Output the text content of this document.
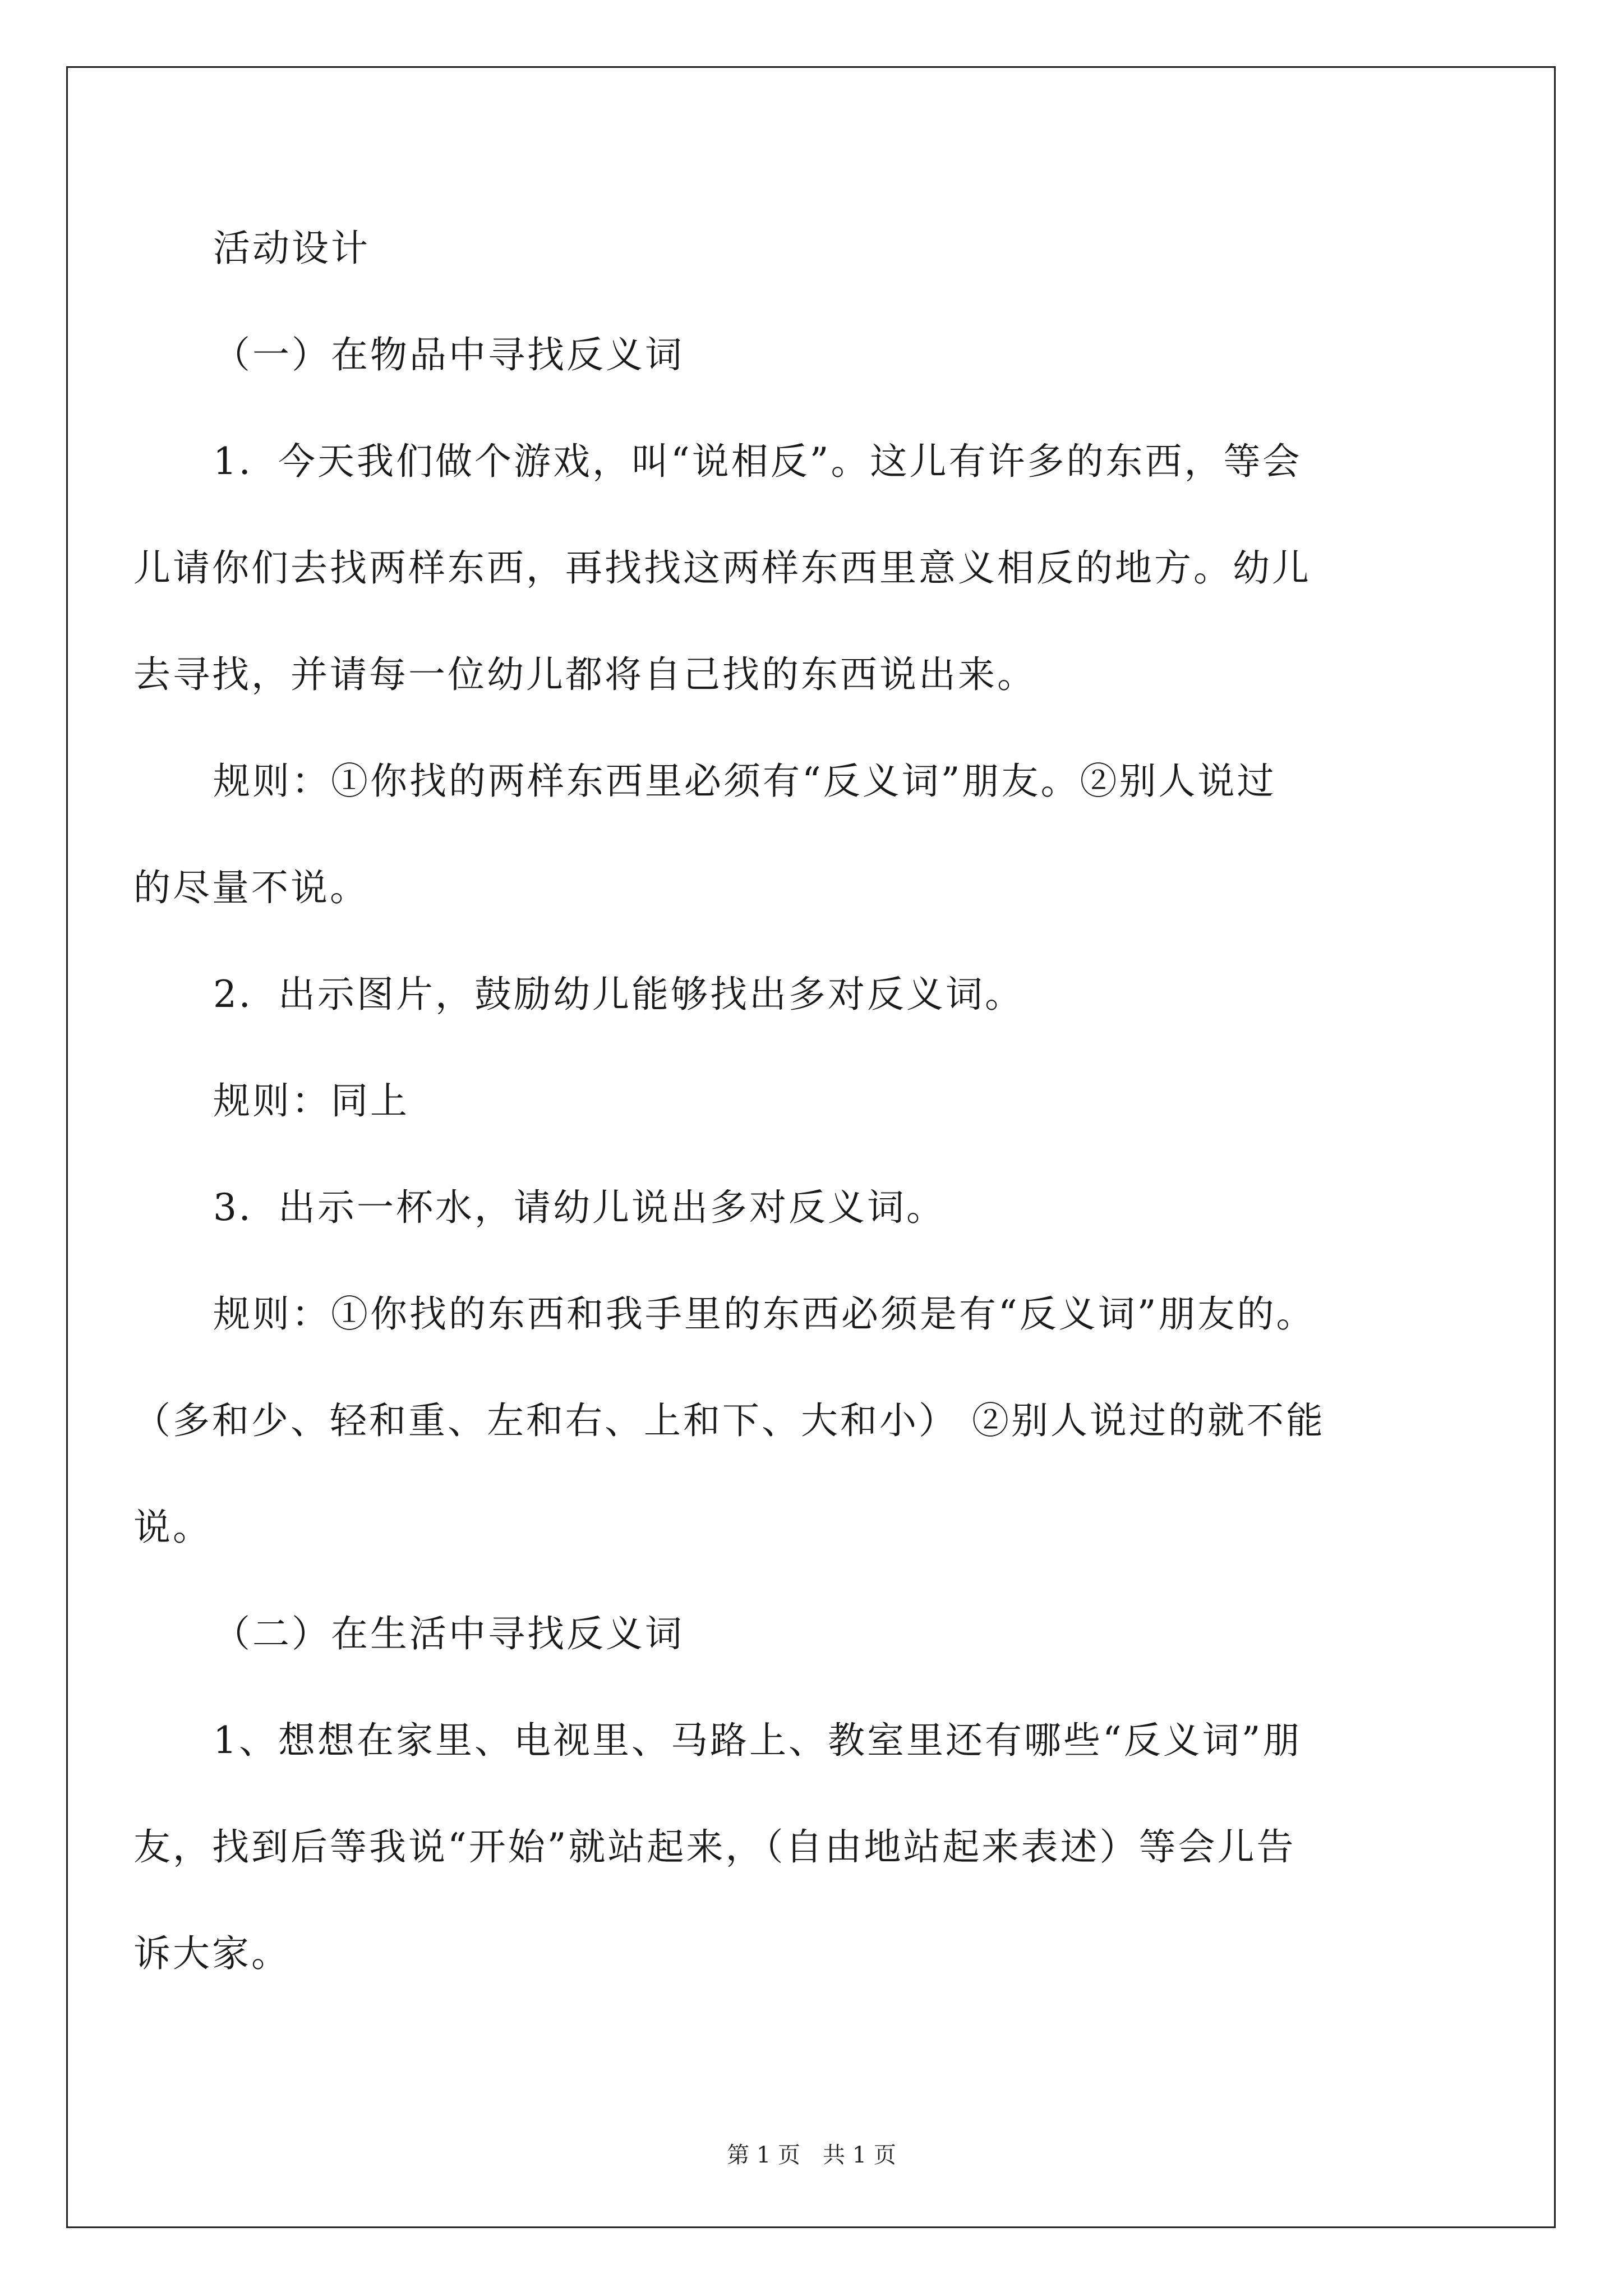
活动设计
（一）在物品中寻找反义词
1．今天我们做个游戏，叫“说相反”。这儿有许多的东西，等会
儿请你们去找两样东西，再找找这两样东西里意义相反的地方。幼儿
去寻找，并请每一位幼儿都将自己找的东西说出来。
规则：①你找的两样东西里必须有“反义词”朋友。②别人说过
的尽量不说。
2．出示图片，鼓励幼儿能够找出多对反义词。
规则：同上
3．出示一杯水，请幼儿说出多对反义词。
规则：①你找的东西和我手里的东西必须是有“反义词”朋友的。
（多和少、轻和重、左和右、上和下、大和小） ②别人说过的就不能
说。
（二）在生活中寻找反义词
1、想想在家里、电视里、马路上、教室里还有哪些“反义词”朋
友，找到后等我说“开始”就站起来，（自由地站起来表述）等会儿告
诉大家。
第 1 页　共 1 页
